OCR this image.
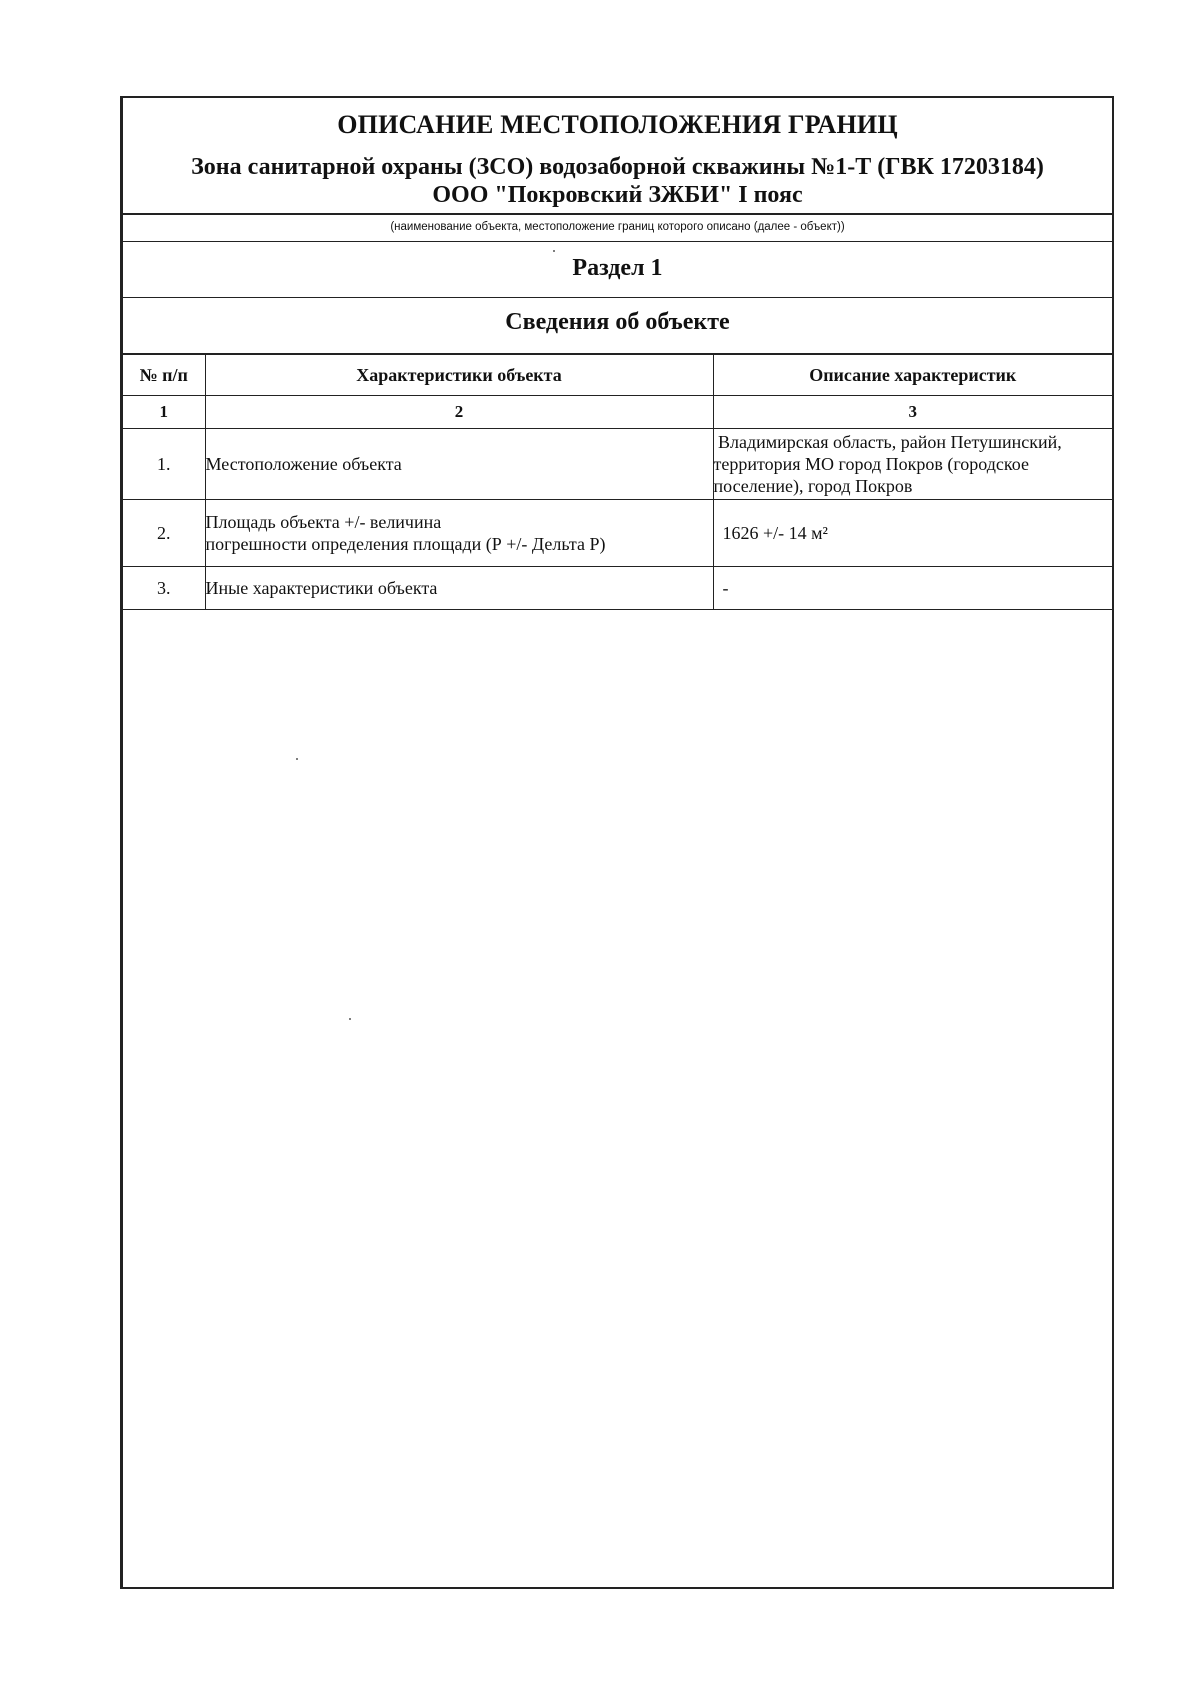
ОПИСАНИЕ МЕСТОПОЛОЖЕНИЯ ГРАНИЦ
Зона санитарной охраны (ЗСО) водозаборной скважины №1-Т (ГВК 17203184)
ООО "Покровский ЗЖБИ" I пояс
(наименование объекта, местоположение границ которого описано (далее - объект))
Раздел 1
Сведения об объекте
№ п/п	Характеристики объекта	Описание характеристик
1	2	3
1.	Местоположение объекта	Владимирская область, район Петушинский,
территория МО город Покров (городское
поселение), город Покров

2.	Площадь объекта +/- величина
погрешности определения площади (Р +/- Дельта Р)	1626 +/- 14 м²

3.	Иные характеристики объекта	-
